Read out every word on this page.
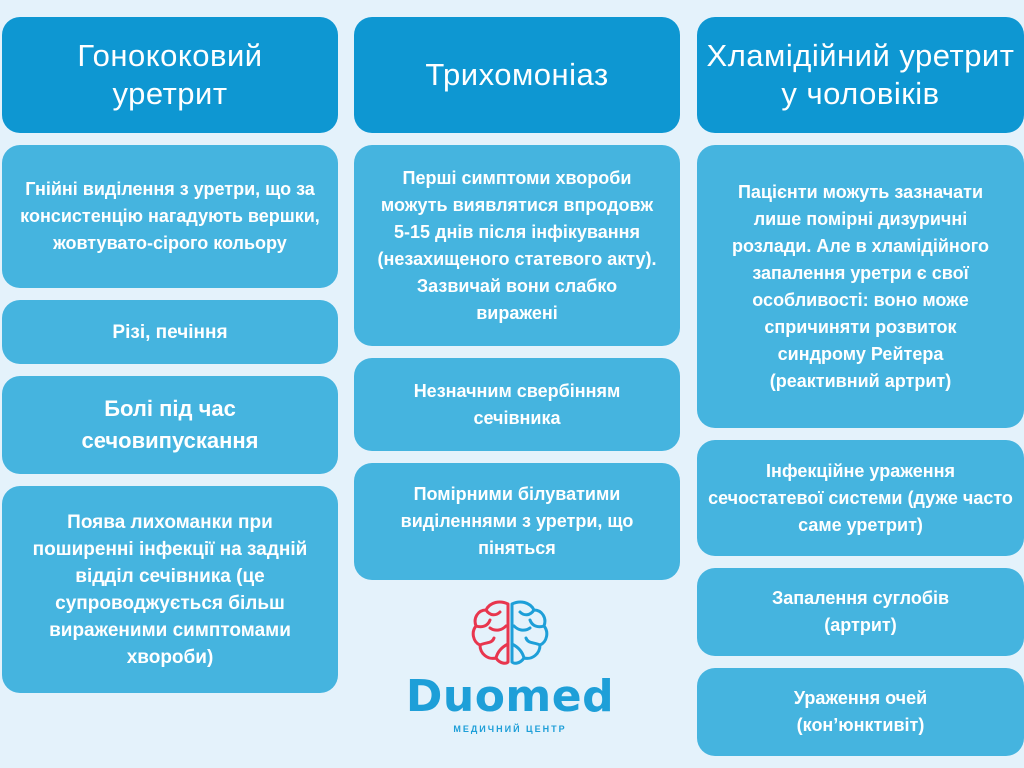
Гонококовий уретрит
Гнійні виділення з уретри, що за консистенцію нагадують вершки, жовтувато-сірого кольору
Різі, печіння
Болі під час сечовипускання
Поява лихоманки при поширенні інфекції на задній відділ сечівника (це супроводжується більш вираженими симптомами хвороби)
Трихомоніаз
Перші симптоми хвороби можуть виявлятися впродовж 5-15 днів після інфікування (незахищеного статевого акту). Зазвичай вони слабко виражені
Незначним свербінням сечівника
Помірними білуватими виділеннями з уретри, що піняться
Duomed
МЕДИЧНИЙ ЦЕНТР
Хламідійний уретрит у чоловіків
Пацієнти можуть зазначати лише помірні дизуричні розлади. Але в хламідійного запалення уретри є свої особливості: воно може спричиняти розвиток синдрому Рейтера (реактивний артрит)
Інфекційне ураження сечостатевої системи (дуже часто саме уретрит)
Запалення суглобів (артрит)
Ураження очей (кон’юнктивіт)
